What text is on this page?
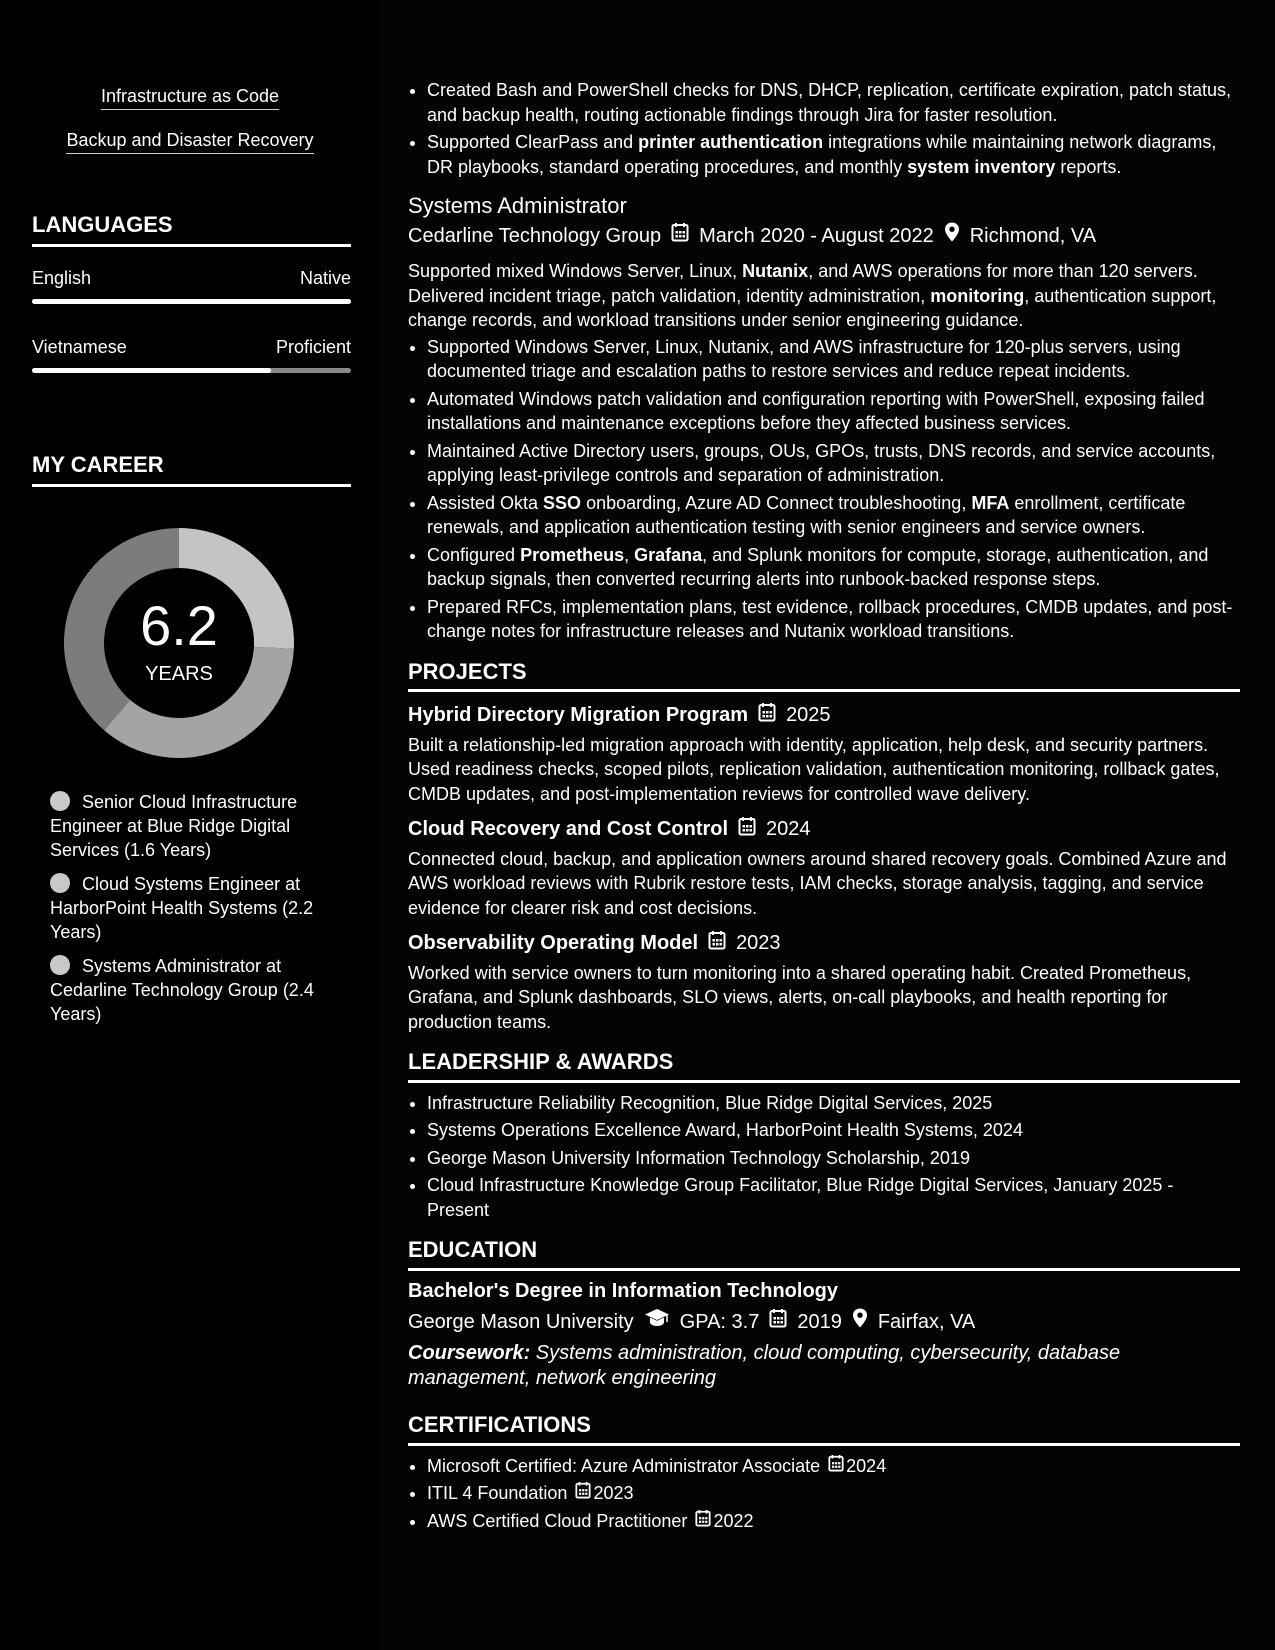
Infrastructure as Code
Backup and Disaster Recovery
LANGUAGES
English	Native
Vietnamese	Proficient
MY CAREER
6.2
YEARS
Senior Cloud Infrastructure Engineer at Blue Ridge Digital Services (1.6 Years)
Cloud Systems Engineer at HarborPoint Health Systems (2.2 Years)
Systems Administrator at Cedarline Technology Group (2.4 Years)
• Created Bash and PowerShell checks for DNS, DHCP, replication, certificate expiration, patch status, and backup health, routing actionable findings through Jira for faster resolution.
• Supported ClearPass and printer authentication integrations while maintaining network diagrams, DR playbooks, standard operating procedures, and monthly system inventory reports.
Systems Administrator
Cedarline Technology Group March 2020 - August 2022 Richmond, VA
Supported mixed Windows Server, Linux, Nutanix, and AWS operations for more than 120 servers. Delivered incident triage, patch validation, identity administration, monitoring, authentication support, change records, and workload transitions under senior engineering guidance.
• Supported Windows Server, Linux, Nutanix, and AWS infrastructure for 120-plus servers, using documented triage and escalation paths to restore services and reduce repeat incidents.
• Automated Windows patch validation and configuration reporting with PowerShell, exposing failed installations and maintenance exceptions before they affected business services.
• Maintained Active Directory users, groups, OUs, GPOs, trusts, DNS records, and service accounts, applying least-privilege controls and separation of administration.
• Assisted Okta SSO onboarding, Azure AD Connect troubleshooting, MFA enrollment, certificate renewals, and application authentication testing with senior engineers and service owners.
• Configured Prometheus, Grafana, and Splunk monitors for compute, storage, authentication, and backup signals, then converted recurring alerts into runbook-backed response steps.
• Prepared RFCs, implementation plans, test evidence, rollback procedures, CMDB updates, and post-change notes for infrastructure releases and Nutanix workload transitions.
PROJECTS
Hybrid Directory Migration Program 2025
Built a relationship-led migration approach with identity, application, help desk, and security partners. Used readiness checks, scoped pilots, replication validation, authentication monitoring, rollback gates, CMDB updates, and post-implementation reviews for controlled wave delivery.
Cloud Recovery and Cost Control 2024
Connected cloud, backup, and application owners around shared recovery goals. Combined Azure and AWS workload reviews with Rubrik restore tests, IAM checks, storage analysis, tagging, and service evidence for clearer risk and cost decisions.
Observability Operating Model 2023
Worked with service owners to turn monitoring into a shared operating habit. Created Prometheus, Grafana, and Splunk dashboards, SLO views, alerts, on-call playbooks, and health reporting for production teams.
LEADERSHIP & AWARDS
• Infrastructure Reliability Recognition, Blue Ridge Digital Services, 2025
• Systems Operations Excellence Award, HarborPoint Health Systems, 2024
• George Mason University Information Technology Scholarship, 2019
• Cloud Infrastructure Knowledge Group Facilitator, Blue Ridge Digital Services, January 2025 - Present
EDUCATION
Bachelor's Degree in Information Technology
George Mason University GPA: 3.7 2019 Fairfax, VA
Coursework: Systems administration, cloud computing, cybersecurity, database management, network engineering
CERTIFICATIONS
• Microsoft Certified: Azure Administrator Associate 2024
• ITIL 4 Foundation 2023
• AWS Certified Cloud Practitioner 2022
